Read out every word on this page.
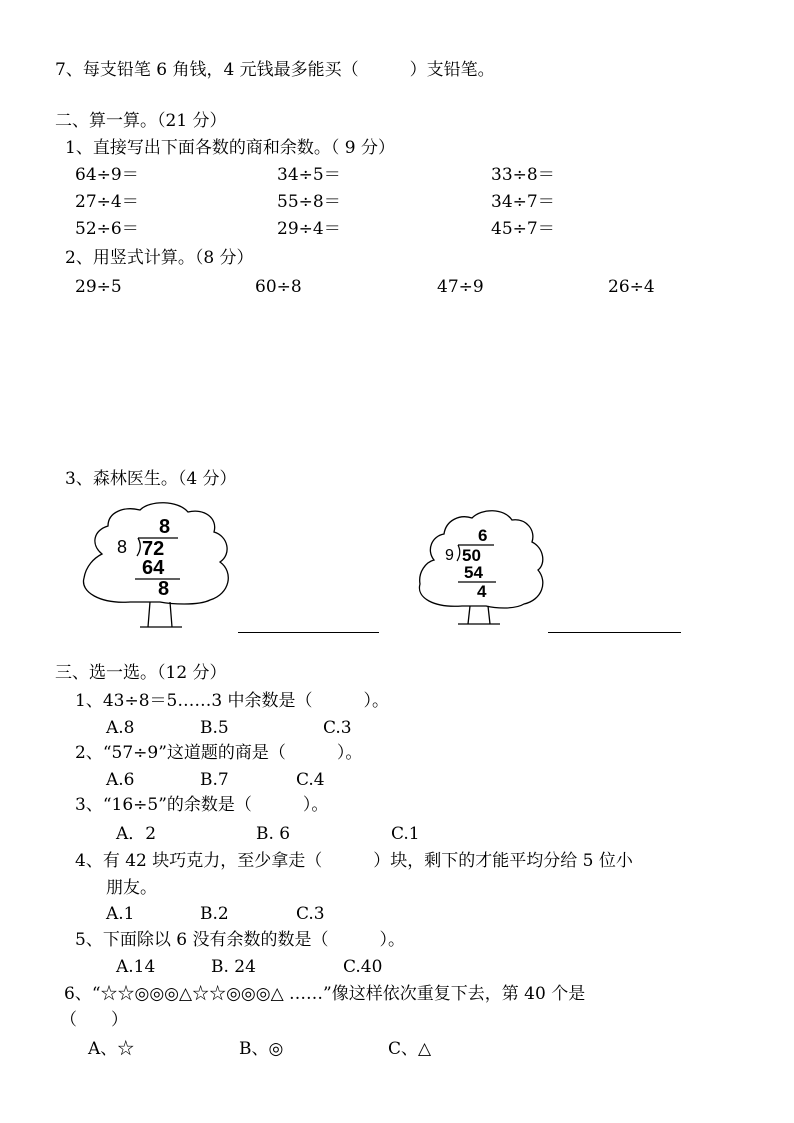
7、每支铅笔 6 角钱，4 元钱最多能买（　　　）支铅笔。
二、算一算。（21 分）
1、直接写出下面各数的商和余数。（ 9 分）
64÷9＝	34÷5＝	33÷8＝
27÷4＝	55÷8＝	34÷7＝
52÷6＝	29÷4＝	45÷7＝
2、用竖式计算。（8 分）
29÷5	60÷8	47÷9	26÷4
3、森林医生。（4 分）
8
8 72
64
8
6
9 50
54
4
三、选一选。（12 分）
1、43÷8＝5……3 中余数是（　　　）。
A.8	B.5	C.3
2、“57÷9”这道题的商是（　　　）。
A.6	B.7	C.4
3、“16÷5”的余数是（　　　）。
A．2	B. 6	C.1
4、有 42 块巧克力，至少拿走（　　　）块，剩下的才能平均分给 5 位小
朋友。
A.1	B.2	C.3
5、下面除以 6 没有余数的数是（　　　）。
A.14	B. 24	C.40
6、“☆☆◎◎◎△☆☆◎◎◎△ ……”像这样依次重复下去，第 40 个是
（　　）
A、☆	B、◎	C、△
